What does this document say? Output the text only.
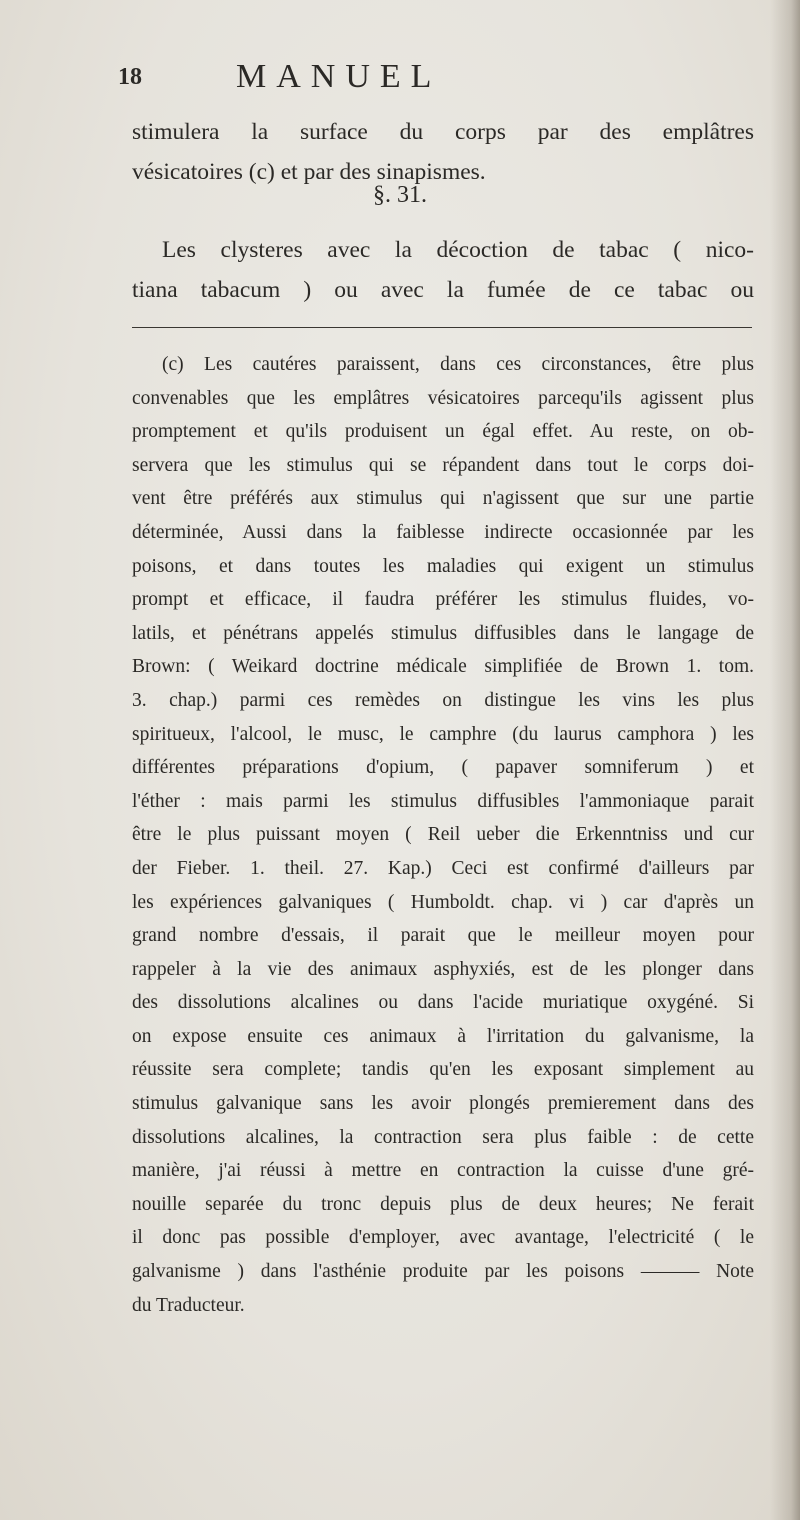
18	MANUEL
stimulera la surface du corps par des emplâtres
vésicatoires (c) et par des sinapismes.
§. 31.
Les clysteres avec la décoction de tabac ( nico-
tiana tabacum ) ou avec la fumée de ce tabac ou
(c) Les cautéres paraissent, dans ces circonstances, être plus
convenables que les emplâtres vésicatoires parcequ'ils agissent plus
promptement et qu'ils produisent un égal effet. Au reste, on ob-
servera que les stimulus qui se répandent dans tout le corps doi-
vent être préférés aux stimulus qui n'agissent que sur une partie
déterminée, Aussi dans la faiblesse indirecte occasionnée par les
poisons, et dans toutes les maladies qui exigent un stimulus
prompt et efficace, il faudra préférer les stimulus fluides, vo-
latils, et pénétrans appelés stimulus diffusibles dans le langage de
Brown: ( Weikard doctrine médicale simplifiée de Brown 1. tom.
3. chap.) parmi ces remèdes on distingue les vins les plus
spiritueux, l'alcool, le musc, le camphre (du laurus camphora ) les
différentes préparations d'opium, ( papaver somniferum ) et
l'éther : mais parmi les stimulus diffusibles l'ammoniaque parait
être le plus puissant moyen ( Reil ueber die Erkenntniss und cur
der Fieber. 1. theil. 27. Kap.) Ceci est confirmé d'ailleurs par
les expériences galvaniques ( Humboldt. chap. vi ) car d'après un
grand nombre d'essais, il parait que le meilleur moyen pour
rappeler à la vie des animaux asphyxiés, est de les plonger dans
des dissolutions alcalines ou dans l'acide muriatique oxygéné. Si
on expose ensuite ces animaux à l'irritation du galvanisme, la
réussite sera complete; tandis qu'en les exposant simplement au
stimulus galvanique sans les avoir plongés premierement dans des
dissolutions alcalines, la contraction sera plus faible : de cette
manière, j'ai réussi à mettre en contraction la cuisse d'une gré-
nouille separée du tronc depuis plus de deux heures; Ne ferait
il donc pas possible d'employer, avec avantage, l'electricité ( le
galvanisme ) dans l'asthénie produite par les poisons ——— Note
du Traducteur.
